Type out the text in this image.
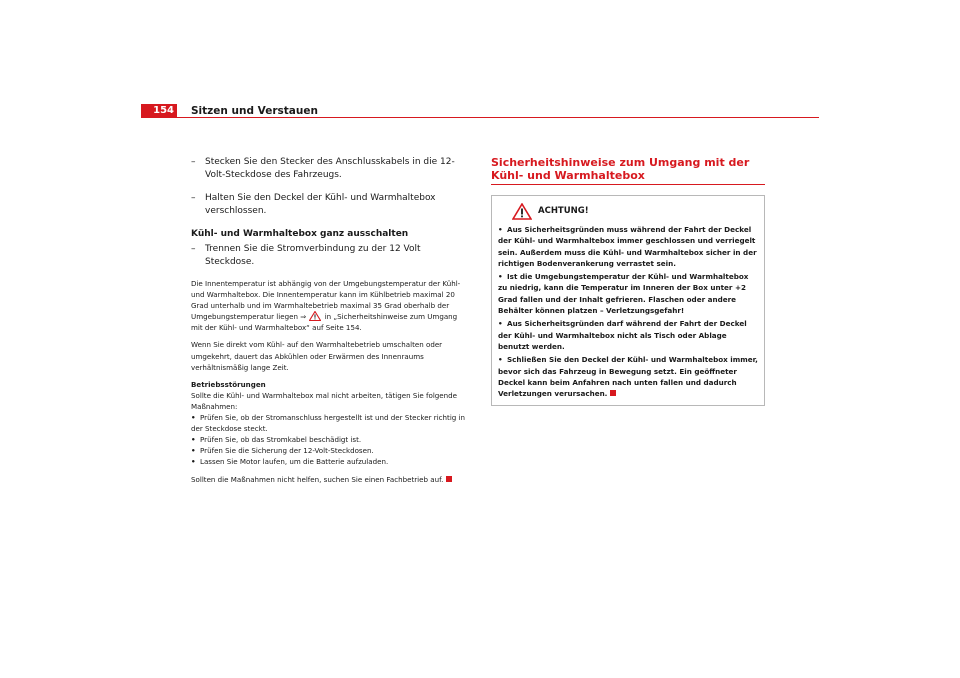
154 Sitzen und Verstauen
– Stecken Sie den Stecker des Anschlusskabels in die 12-Volt-Steckdose des Fahrzeugs.
– Halten Sie den Deckel der Kühl- und Warmhaltebox verschlossen.
Kühl- und Warmhaltebox ganz ausschalten
– Trennen Sie die Stromverbindung zu der 12 Volt Steckdose.

Die Innentemperatur ist abhängig von der Umgebungstemperatur der Kühl- und Warmhaltebox. Die Innentemperatur kann im Kühlbetrieb maximal 20 Grad unterhalb und im Warmhaltebetrieb maximal 35 Grad oberhalb der Umgebungstemperatur liegen ⇒	in „Sicherheitshinweise zum Umgang mit der Kühl- und Warmhaltebox“ auf Seite 154.

Wenn Sie direkt vom Kühl- auf den Warmhaltebetrieb umschalten oder umgekehrt, dauert das Abkühlen oder Erwärmen des Innenraums verhältnismäßig lange Zeit.

Betriebsstörungen

Sollte die Kühl- und Warmhaltebox mal nicht arbeiten, tätigen Sie folgende Maßnahmen:

• Prüfen Sie, ob der Stromanschluss hergestellt ist und der Stecker richtig in der Steckdose steckt.
• Prüfen Sie, ob das Stromkabel beschädigt ist.
• Prüfen Sie die Sicherung der 12-Volt-Steckdosen.
• Lassen Sie Motor laufen, um die Batterie aufzuladen.

Sollten die Maßnahmen nicht helfen, suchen Sie einen Fachbetrieb auf.

Sicherheitshinweise zum Umgang mit der Kühl- und Warmhaltebox
ACHTUNG!

• Aus Sicherheitsgründen muss während der Fahrt der Deckel der Kühl- und Warmhaltebox immer geschlossen und verriegelt sein. Außerdem muss die Kühl- und Warmhaltebox sicher in der richtigen Bodenverankerung verrastet sein.

• Ist die Umgebungstemperatur der Kühl- und Warmhaltebox zu niedrig, kann die Temperatur im Inneren der Box unter +2 Grad fallen und der Inhalt gefrieren. Flaschen oder andere Behälter können platzen – Verletzungsgefahr!

• Aus Sicherheitsgründen darf während der Fahrt der Deckel der Kühl- und Warmhaltebox nicht als Tisch oder Ablage benutzt werden.

• Schließen Sie den Deckel der Kühl- und Warmhaltebox immer, bevor sich das Fahrzeug in Bewegung setzt. Ein geöffneter Deckel kann beim Anfahren nach unten fallen und dadurch Verletzungen verursachen.
